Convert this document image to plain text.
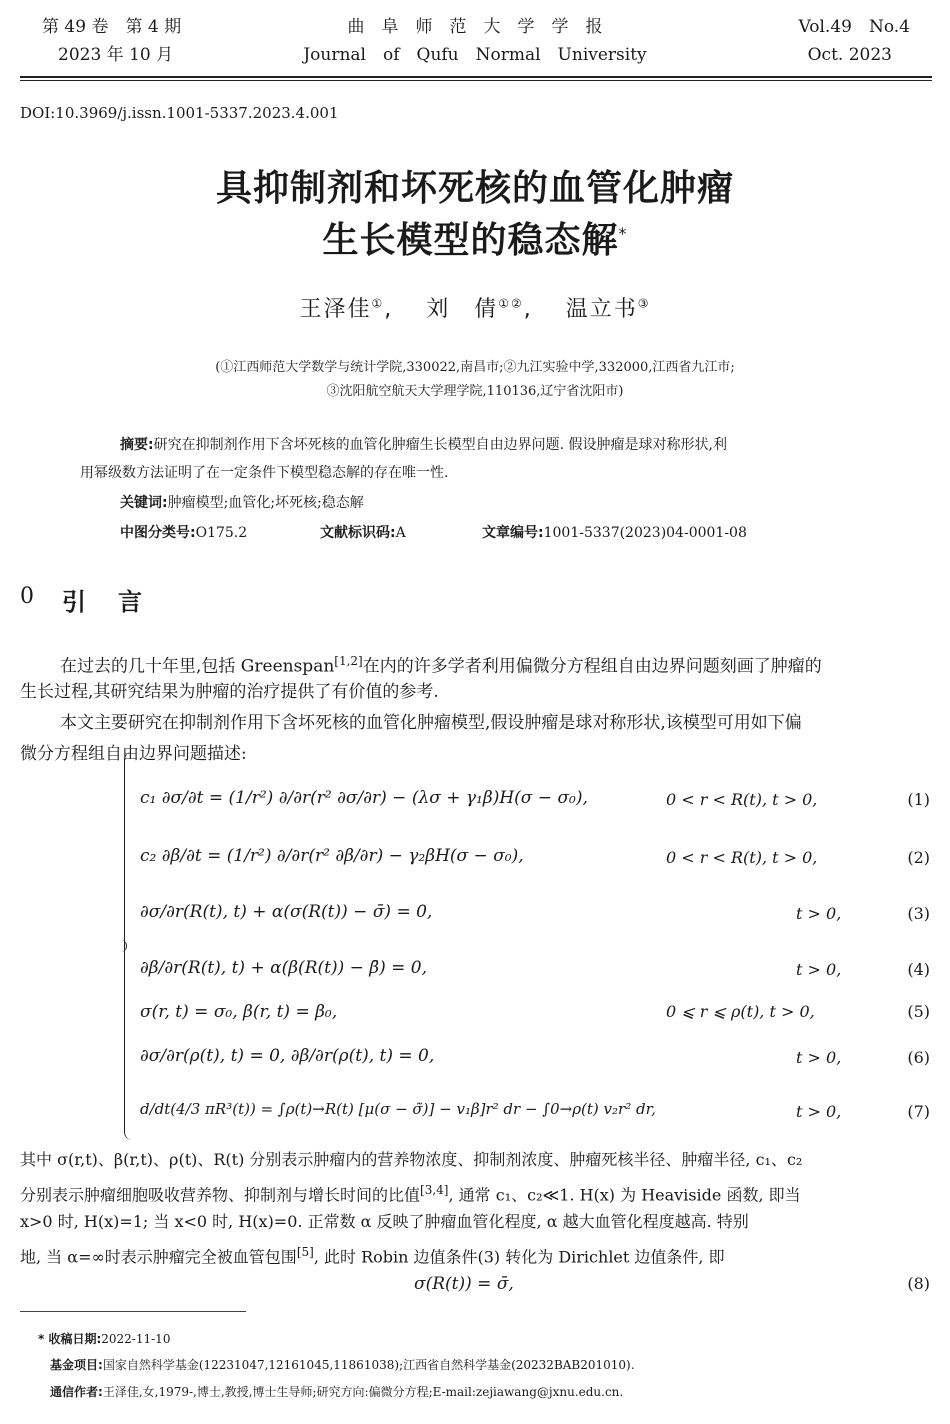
第 49 卷　第 4 期
2023 年 10 月
曲　阜　师　范　大　学　学　报
Journal　of　Qufu　Normal　University
Vol.49　No.4
Oct. 2023
DOI:10.3969/j.issn.1001-5337.2023.4.001
具抑制剂和坏死核的血管化肿瘤
生长模型的稳态解*
王泽佳①,　 刘　倩①②,　 温立书③
(①江西师范大学数学与统计学院,330022,南昌市;②九江实验中学,332000,江西省九江市;
③沈阳航空航天大学理学院,110136,辽宁省沈阳市)
摘要:研究在抑制剂作用下含坏死核的血管化肿瘤生长模型自由边界问题. 假设肿瘤是球对称形状,利
用幂级数方法证明了在一定条件下模型稳态解的存在唯一性.
关键词:肿瘤模型;血管化;坏死核;稳态解
中图分类号:O175.2	文献标识码:A	文章编号:1001-5337(2023)04-0001-08
0 引　言
在过去的几十年里,包括 Greenspan[1,2]在内的许多学者利用偏微分方程组自由边界问题刻画了肿瘤的
生长过程,其研究结果为肿瘤的治疗提供了有价值的参考.
本文主要研究在抑制剂作用下含坏死核的血管化肿瘤模型,假设肿瘤是球对称形状,该模型可用如下偏
微分方程组自由边界问题描述:
c₁ ∂σ/∂t = (1/r²) ∂/∂r(r² ∂σ/∂r) − (λσ + γ₁β)H(σ − σ₀),	0 < r < R(t), t > 0,	(1)
c₂ ∂β/∂t = (1/r²) ∂/∂r(r² ∂β/∂r) − γ₂βH(σ − σ₀),	0 < r < R(t), t > 0,	(2)
∂σ/∂r(R(t), t) + α(σ(R(t)) − σ̄) = 0,	t > 0,	(3)
∂β/∂r(R(t), t) + α(β(R(t)) − β̄) = 0,	t > 0,	(4)
σ(r, t) = σ₀, β(r, t) = β₀,	0 ⩽ r ⩽ ρ(t), t > 0,	(5)
∂σ/∂r(ρ(t), t) = 0, ∂β/∂r(ρ(t), t) = 0,	t > 0,	(6)
d/dt(4/3 πR³(t)) = ∫ρ(t)→R(t) [μ(σ − σ̃)] − v₁β]r² dr − ∫0→ρ(t) v₂r² dr,	t > 0,	(7)
其中 σ(r,t)、β(r,t)、ρ(t)、R(t) 分别表示肿瘤内的营养物浓度、抑制剂浓度、肿瘤死核半径、肿瘤半径, c₁、c₂
分别表示肿瘤细胞吸收营养物、抑制剂与增长时间的比值[3,4], 通常 c₁、c₂≪1. H(x) 为 Heaviside 函数, 即当
x>0 时, H(x)=1; 当 x<0 时, H(x)=0. 正常数 α 反映了肿瘤血管化程度, α 越大血管化程度越高. 特别
地, 当 α=∞时表示肿瘤完全被血管包围[5], 此时 Robin 边值条件(3) 转化为 Dirichlet 边值条件, 即
σ(R(t)) = σ̄,	(8)
* 收稿日期:2022-11-10
基金项目:国家自然科学基金(12231047,12161045,11861038);江西省自然科学基金(20232BAB201010).
通信作者:王泽佳,女,1979-,博士,教授,博士生导师;研究方向:偏微分方程;E-mail:zejiawang@jxnu.edu.cn.
